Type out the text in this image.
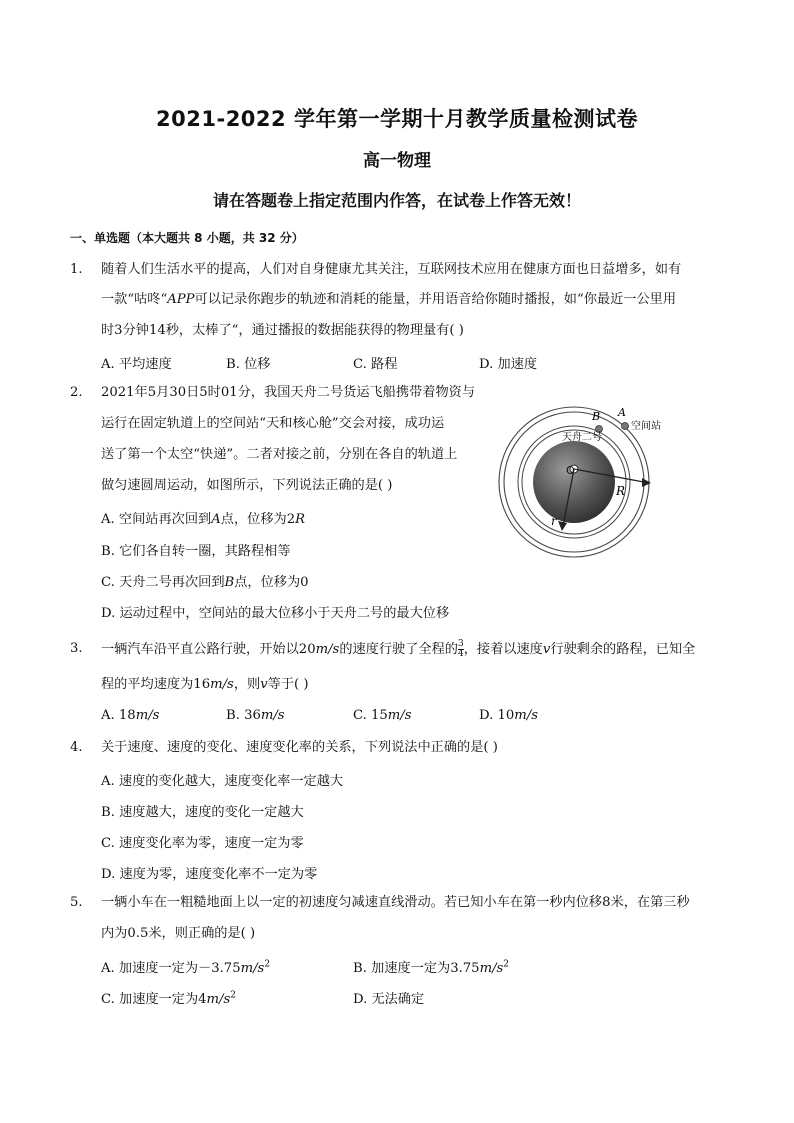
2021-2022 学年第一学期十月教学质量检测试卷
高一物理
请在答题卷上指定范围内作答，在试卷上作答无效！
一、单选题（本大题共 8 小题，共 32 分）
1. 随着人们生活水平的提高，人们对自身健康尤其关注，互联网技术应用在健康方面也日益增多，如有
一款“咕咚“APP可以记录你跑步的轨迹和消耗的能量，并用语音给你随时播报，如“你最近一公里用
时3分钟14秒，太棒了“，通过播报的数据能获得的物理量有( )
A. 平均速度	B. 位移	C. 路程	D. 加速度
2. 2021年5月30日5时01分，我国天舟二号货运飞船携带着物资与
运行在固定轨道上的空间站“天和核心舱”交会对接，成功运
送了第一个太空“快递”。二者对接之前，分别在各自的轨道上
做匀速圆周运动，如图所示，下列说法正确的是( )
A. 空间站再次回到A点，位移为2R
B. 它们各自转一圈，其路程相等
C. 天舟二号再次回到B点，位移为0
D. 运动过程中，空间站的最大位移小于天舟二号的最大位移
B A
空间站
天舟二号
O
R
r
3. 一辆汽车沿平直公路行驶，开始以20m/s的速度行驶了全程的$\frac{3}{4}$，接着以速度v行驶剩余的路程，已知全
程的平均速度为16m/s，则v等于( )
A. 18m/s	B. 36m/s	C. 15m/s	D. 10m/s
4. 关于速度、速度的变化、速度变化率的关系，下列说法中正确的是( )
A. 速度的变化越大，速度变化率一定越大
B. 速度越大，速度的变化一定越大
C. 速度变化率为零，速度一定为零
D. 速度为零，速度变化率不一定为零
5. 一辆小车在一粗糙地面上以一定的初速度匀减速直线滑动。若已知小车在第一秒内位移8米，在第三秒
内为0.5米，则正确的是( )
A. 加速度一定为$-3.75m/s^2$	B. 加速度一定为$3.75m/s^2$
C. 加速度一定为$4m/s^2$	D. 无法确定
